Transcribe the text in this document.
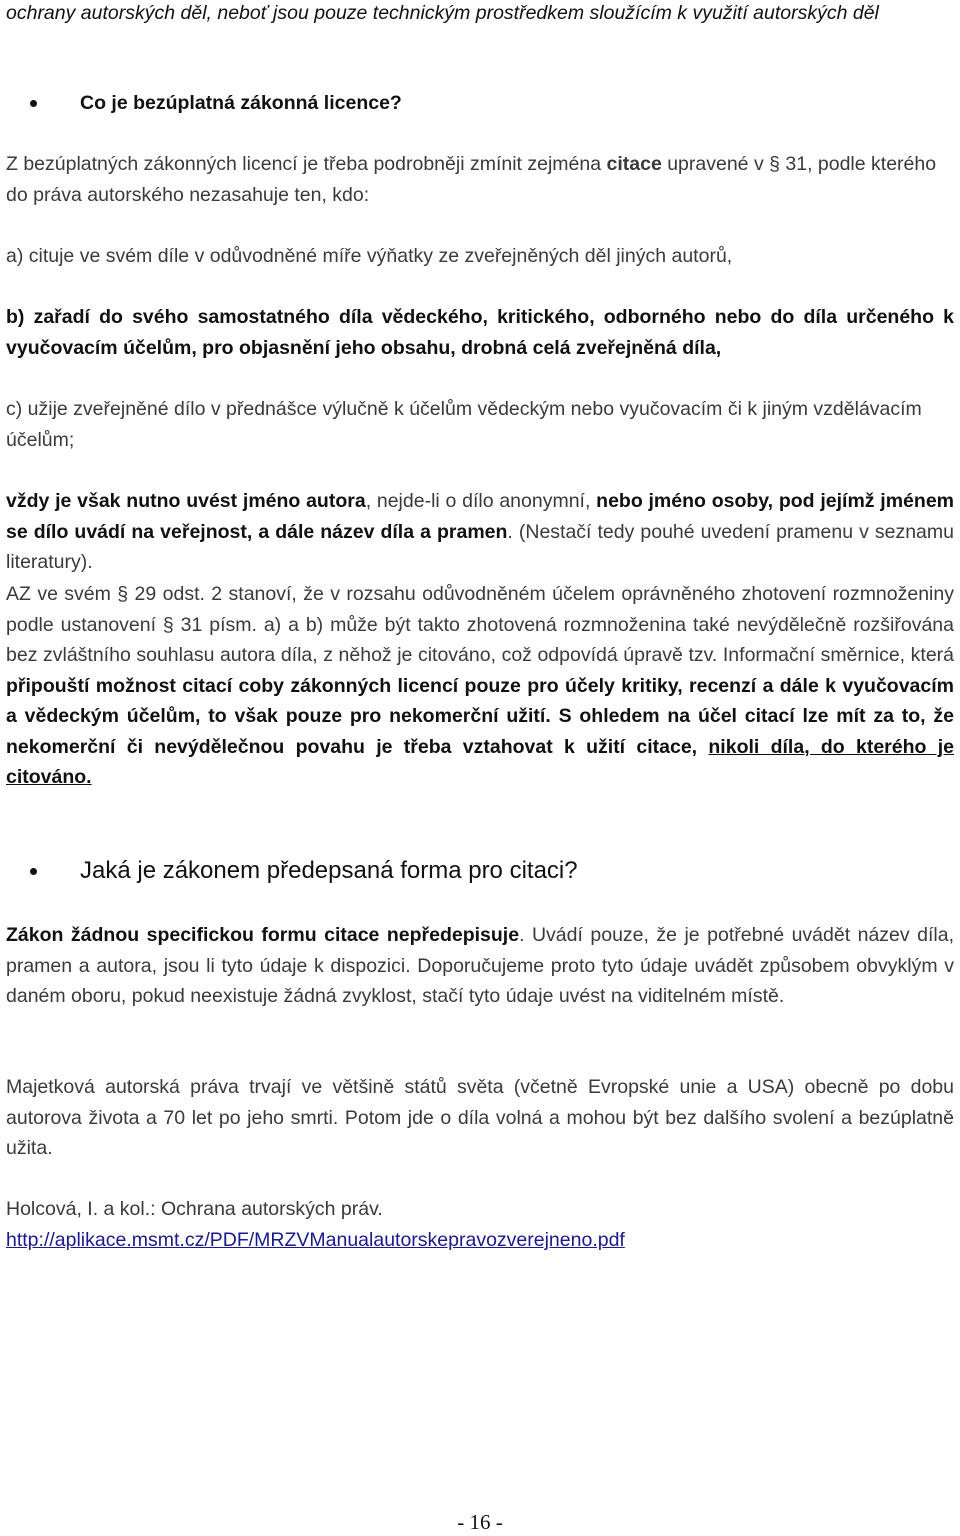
ochrany autorských děl, neboť jsou pouze technickým prostředkem sloužícím k využití autorských děl

Co je bezúplatná zákonná licence?

Z bezúplatných zákonných licencí je třeba podrobněji zmínit zejména citace upravené v § 31, podle kterého do práva autorského nezasahuje ten, kdo:

a) cituje ve svém díle v odůvodněné míře výňatky ze zveřejněných děl jiných autorů,

b) zařadí do svého samostatného díla vědeckého, kritického, odborného nebo do díla určeného k vyučovacím účelům, pro objasnění jeho obsahu, drobná celá zveřejněná díla,

c) užije zveřejněné dílo v přednášce výlučně k účelům vědeckým nebo vyučovacím či k jiným vzdělávacím účelům;

vždy je však nutno uvést jméno autora, nejde-li o dílo anonymní, nebo jméno osoby, pod jejímž jménem se dílo uvádí na veřejnost, a dále název díla a pramen. (Nestačí tedy pouhé uvedení pramenu v seznamu literatury).

AZ ve svém § 29 odst. 2 stanoví, že v rozsahu odůvodněném účelem oprávněného zhotovení rozmnoženiny podle ustanovení § 31 písm. a) a b) může být takto zhotovená rozmnoženina také nevýdělečně rozšiřována bez zvláštního souhlasu autora díla, z něhož je citováno, což odpovídá úpravě tzv. Informační směrnice, která připouští možnost citací coby zákonných licencí pouze pro účely kritiky, recenzí a dále k vyučovacím a vědeckým účelům, to však pouze pro nekomerční užití. S ohledem na účel citací lze mít za to, že nekomerční či nevýdělečnou povahu je třeba vztahovat k užití citace, nikoli díla, do kterého je citováno.

Jaká je zákonem předepsaná forma pro citaci?

Zákon žádnou specifickou formu citace nepředepisuje. Uvádí pouze, že je potřebné uvádět název díla, pramen a autora, jsou li tyto údaje k dispozici. Doporučujeme proto tyto údaje uvádět způsobem obvyklým v daném oboru, pokud neexistuje žádná zvyklost, stačí tyto údaje uvést na viditelném místě.

Majetková autorská práva trvají ve většině států světa (včetně Evropské unie a USA) obecně po dobu autorova života a 70 let po jeho smrti. Potom jde o díla volná a mohou být bez dalšího svolení a bezúplatně užita.

Holcová, I. a kol.: Ochrana autorských práv.

http://aplikace.msmt.cz/PDF/MRZVManualautorskepravozverejneno.pdf

- 16 -
